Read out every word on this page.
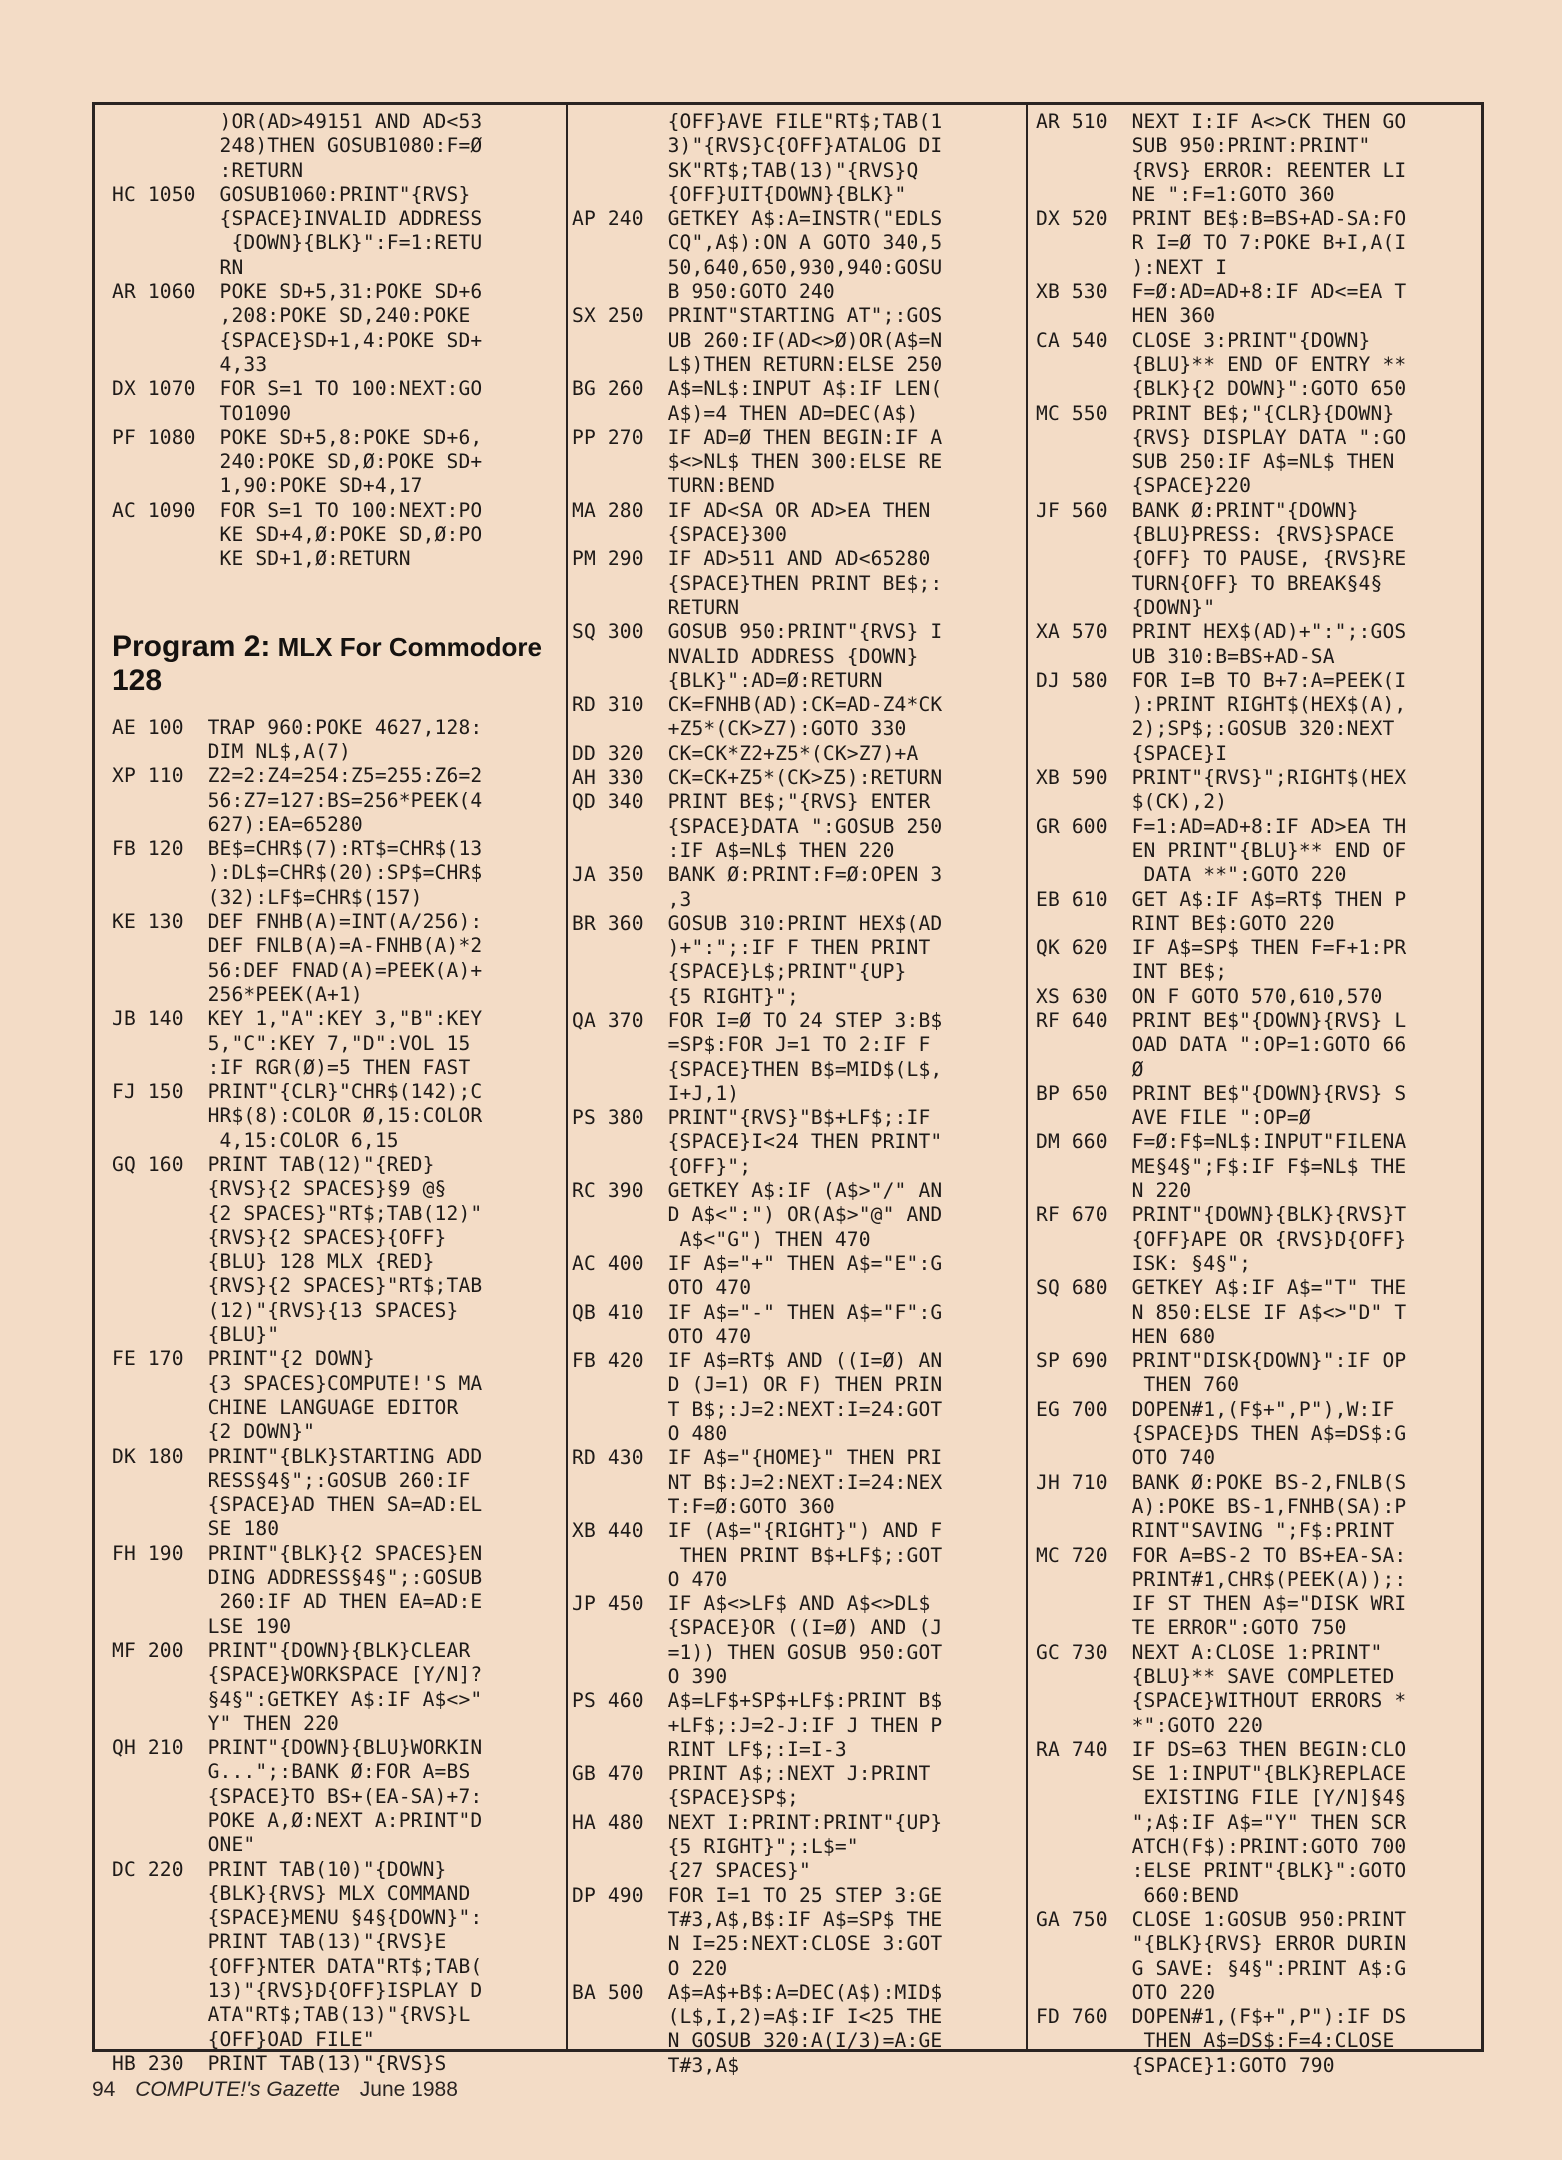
)OR(AD>49151 AND AD<53
248)THEN GOSUB1080:F=Ø
:RETURN
HC 1050  GOSUB1060:PRINT"{RVS}
{SPACE}INVALID ADDRESS
{DOWN}{BLK}":F=1:RETU
RN
AR 1060  POKE SD+5,31:POKE SD+6
,208:POKE SD,240:POKE
{SPACE}SD+1,4:POKE SD+
4,33
DX 1070  FOR S=1 TO 100:NEXT:GO
TO1090
PF 1080  POKE SD+5,8:POKE SD+6,
240:POKE SD,Ø:POKE SD+
1,90:POKE SD+4,17
AC 1090  FOR S=1 TO 100:NEXT:PO
KE SD+4,Ø:POKE SD,Ø:PO
KE SD+1,Ø:RETURN
Program 2: MLX For Commodore
128
AE 100  TRAP 960:POKE 4627,128:
DIM NL$,A(7)
XP 110  Z2=2:Z4=254:Z5=255:Z6=2
56:Z7=127:BS=256*PEEK(4
627):EA=65280
FB 120  BE$=CHR$(7):RT$=CHR$(13
):DL$=CHR$(20):SP$=CHR$
(32):LF$=CHR$(157)
KE 130  DEF FNHB(A)=INT(A/256):
DEF FNLB(A)=A-FNHB(A)*2
56:DEF FNAD(A)=PEEK(A)+
256*PEEK(A+1)
JB 140  KEY 1,"A":KEY 3,"B":KEY
5,"C":KEY 7,"D":VOL 15
:IF RGR(Ø)=5 THEN FAST
FJ 150  PRINT"{CLR}"CHR$(142);C
HR$(8):COLOR Ø,15:COLOR
4,15:COLOR 6,15
GQ 160  PRINT TAB(12)"{RED}
{RVS}{2 SPACES}§9 @§
{2 SPACES}"RT$;TAB(12)"
{RVS}{2 SPACES}{OFF}
{BLU} 128 MLX {RED}
{RVS}{2 SPACES}"RT$;TAB
(12)"{RVS}{13 SPACES}
{BLU}"
FE 170  PRINT"{2 DOWN}
{3 SPACES}COMPUTE!'S MA
CHINE LANGUAGE EDITOR
{2 DOWN}"
DK 180  PRINT"{BLK}STARTING ADD
RESS§4§";:GOSUB 260:IF
{SPACE}AD THEN SA=AD:EL
SE 180
FH 190  PRINT"{BLK}{2 SPACES}EN
DING ADDRESS§4§";:GOSUB
260:IF AD THEN EA=AD:E
LSE 190
MF 200  PRINT"{DOWN}{BLK}CLEAR
{SPACE}WORKSPACE [Y/N]?
§4§":GETKEY A$:IF A$<>"
Y" THEN 220
QH 210  PRINT"{DOWN}{BLU}WORKIN
G...";:BANK Ø:FOR A=BS
{SPACE}TO BS+(EA-SA)+7:
POKE A,Ø:NEXT A:PRINT"D
ONE"
DC 220  PRINT TAB(10)"{DOWN}
{BLK}{RVS} MLX COMMAND
{SPACE}MENU §4§{DOWN}":
PRINT TAB(13)"{RVS}E
{OFF}NTER DATA"RT$;TAB(
13)"{RVS}D{OFF}ISPLAY D
ATA"RT$;TAB(13)"{RVS}L
{OFF}OAD FILE"
HB 230  PRINT TAB(13)"{RVS}S
{OFF}AVE FILE"RT$;TAB(1
3)"{RVS}C{OFF}ATALOG DI
SK"RT$;TAB(13)"{RVS}Q
{OFF}UIT{DOWN}{BLK}"
AP 240  GETKEY A$:A=INSTR("EDLS
CQ",A$):ON A GOTO 340,5
50,640,650,930,940:GOSU
B 950:GOTO 240
SX 250  PRINT"STARTING AT";:GOS
UB 260:IF(AD<>Ø)OR(A$=N
L$)THEN RETURN:ELSE 250
BG 260  A$=NL$:INPUT A$:IF LEN(
A$)=4 THEN AD=DEC(A$)
PP 270  IF AD=Ø THEN BEGIN:IF A
$<>NL$ THEN 300:ELSE RE
TURN:BEND
MA 280  IF AD<SA OR AD>EA THEN
{SPACE}300
PM 290  IF AD>511 AND AD<65280
{SPACE}THEN PRINT BE$;:
RETURN
SQ 300  GOSUB 950:PRINT"{RVS} I
NVALID ADDRESS {DOWN}
{BLK}":AD=Ø:RETURN
RD 310  CK=FNHB(AD):CK=AD-Z4*CK
+Z5*(CK>Z7):GOTO 330
DD 320  CK=CK*Z2+Z5*(CK>Z7)+A
AH 330  CK=CK+Z5*(CK>Z5):RETURN
QD 340  PRINT BE$;"{RVS} ENTER
{SPACE}DATA ":GOSUB 250
:IF A$=NL$ THEN 220
JA 350  BANK Ø:PRINT:F=Ø:OPEN 3
,3
BR 360  GOSUB 310:PRINT HEX$(AD
)+":";:IF F THEN PRINT
{SPACE}L$;PRINT"{UP}
{5 RIGHT}";
QA 370  FOR I=Ø TO 24 STEP 3:B$
=SP$:FOR J=1 TO 2:IF F
{SPACE}THEN B$=MID$(L$,
I+J,1)
PS 380  PRINT"{RVS}"B$+LF$;:IF
{SPACE}I<24 THEN PRINT"
{OFF}";
RC 390  GETKEY A$:IF (A$>"/" AN
D A$<":") OR(A$>"@" AND
A$<"G") THEN 470
AC 400  IF A$="+" THEN A$="E":G
OTO 470
QB 410  IF A$="-" THEN A$="F":G
OTO 470
FB 420  IF A$=RT$ AND ((I=Ø) AN
D (J=1) OR F) THEN PRIN
T B$;:J=2:NEXT:I=24:GOT
O 480
RD 430  IF A$="{HOME}" THEN PRI
NT B$:J=2:NEXT:I=24:NEX
T:F=Ø:GOTO 360
XB 440  IF (A$="{RIGHT}") AND F
THEN PRINT B$+LF$;:GOT
O 470
JP 450  IF A$<>LF$ AND A$<>DL$
{SPACE}OR ((I=Ø) AND (J
=1)) THEN GOSUB 950:GOT
O 390
PS 460  A$=LF$+SP$+LF$:PRINT B$
+LF$;:J=2-J:IF J THEN P
RINT LF$;:I=I-3
GB 470  PRINT A$;:NEXT J:PRINT
{SPACE}SP$;
HA 480  NEXT I:PRINT:PRINT"{UP}
{5 RIGHT}";:L$="
{27 SPACES}"
DP 490  FOR I=1 TO 25 STEP 3:GE
T#3,A$,B$:IF A$=SP$ THE
N I=25:NEXT:CLOSE 3:GOT
O 220
BA 500  A$=A$+B$:A=DEC(A$):MID$
(L$,I,2)=A$:IF I<25 THE
N GOSUB 320:A(I/3)=A:GE
T#3,A$
AR 510  NEXT I:IF A<>CK THEN GO
SUB 950:PRINT:PRINT"
{RVS} ERROR: REENTER LI
NE ":F=1:GOTO 360
DX 520  PRINT BE$:B=BS+AD-SA:FO
R I=Ø TO 7:POKE B+I,A(I
):NEXT I
XB 530  F=Ø:AD=AD+8:IF AD<=EA T
HEN 360
CA 540  CLOSE 3:PRINT"{DOWN}
{BLU}** END OF ENTRY **
{BLK}{2 DOWN}":GOTO 650
MC 550  PRINT BE$;"{CLR}{DOWN}
{RVS} DISPLAY DATA ":GO
SUB 250:IF A$=NL$ THEN
{SPACE}220
JF 560  BANK Ø:PRINT"{DOWN}
{BLU}PRESS: {RVS}SPACE
{OFF} TO PAUSE, {RVS}RE
TURN{OFF} TO BREAK§4§
{DOWN}"
XA 570  PRINT HEX$(AD)+":";:GOS
UB 310:B=BS+AD-SA
DJ 580  FOR I=B TO B+7:A=PEEK(I
):PRINT RIGHT$(HEX$(A),
2);SP$;:GOSUB 320:NEXT
{SPACE}I
XB 590  PRINT"{RVS}";RIGHT$(HEX
$(CK),2)
GR 600  F=1:AD=AD+8:IF AD>EA TH
EN PRINT"{BLU}** END OF
DATA **":GOTO 220
EB 610  GET A$:IF A$=RT$ THEN P
RINT BE$:GOTO 220
QK 620  IF A$=SP$ THEN F=F+1:PR
INT BE$;
XS 630  ON F GOTO 570,610,570
RF 640  PRINT BE$"{DOWN}{RVS} L
OAD DATA ":OP=1:GOTO 66
Ø
BP 650  PRINT BE$"{DOWN}{RVS} S
AVE FILE ":OP=Ø
DM 660  F=Ø:F$=NL$:INPUT"FILENA
ME§4§";F$:IF F$=NL$ THE
N 220
RF 670  PRINT"{DOWN}{BLK}{RVS}T
{OFF}APE OR {RVS}D{OFF}
ISK: §4§";
SQ 680  GETKEY A$:IF A$="T" THE
N 850:ELSE IF A$<>"D" T
HEN 680
SP 690  PRINT"DISK{DOWN}":IF OP
THEN 760
EG 700  DOPEN#1,(F$+",P"),W:IF
{SPACE}DS THEN A$=DS$:G
OTO 740
JH 710  BANK Ø:POKE BS-2,FNLB(S
A):POKE BS-1,FNHB(SA):P
RINT"SAVING ";F$:PRINT
MC 720  FOR A=BS-2 TO BS+EA-SA:
PRINT#1,CHR$(PEEK(A));:
IF ST THEN A$="DISK WRI
TE ERROR":GOTO 750
GC 730  NEXT A:CLOSE 1:PRINT"
{BLU}** SAVE COMPLETED
{SPACE}WITHOUT ERRORS *
*":GOTO 220
RA 740  IF DS=63 THEN BEGIN:CLO
SE 1:INPUT"{BLK}REPLACE
EXISTING FILE [Y/N]§4§
";A$:IF A$="Y" THEN SCR
ATCH(F$):PRINT:GOTO 700
:ELSE PRINT"{BLK}":GOTO
660:BEND
GA 750  CLOSE 1:GOSUB 950:PRINT
"{BLK}{RVS} ERROR DURIN
G SAVE: §4§":PRINT A$:G
OTO 220
FD 760  DOPEN#1,(F$+",P"):IF DS
THEN A$=DS$:F=4:CLOSE
{SPACE}1:GOTO 790
94 COMPUTE!'s Gazette June 1988
